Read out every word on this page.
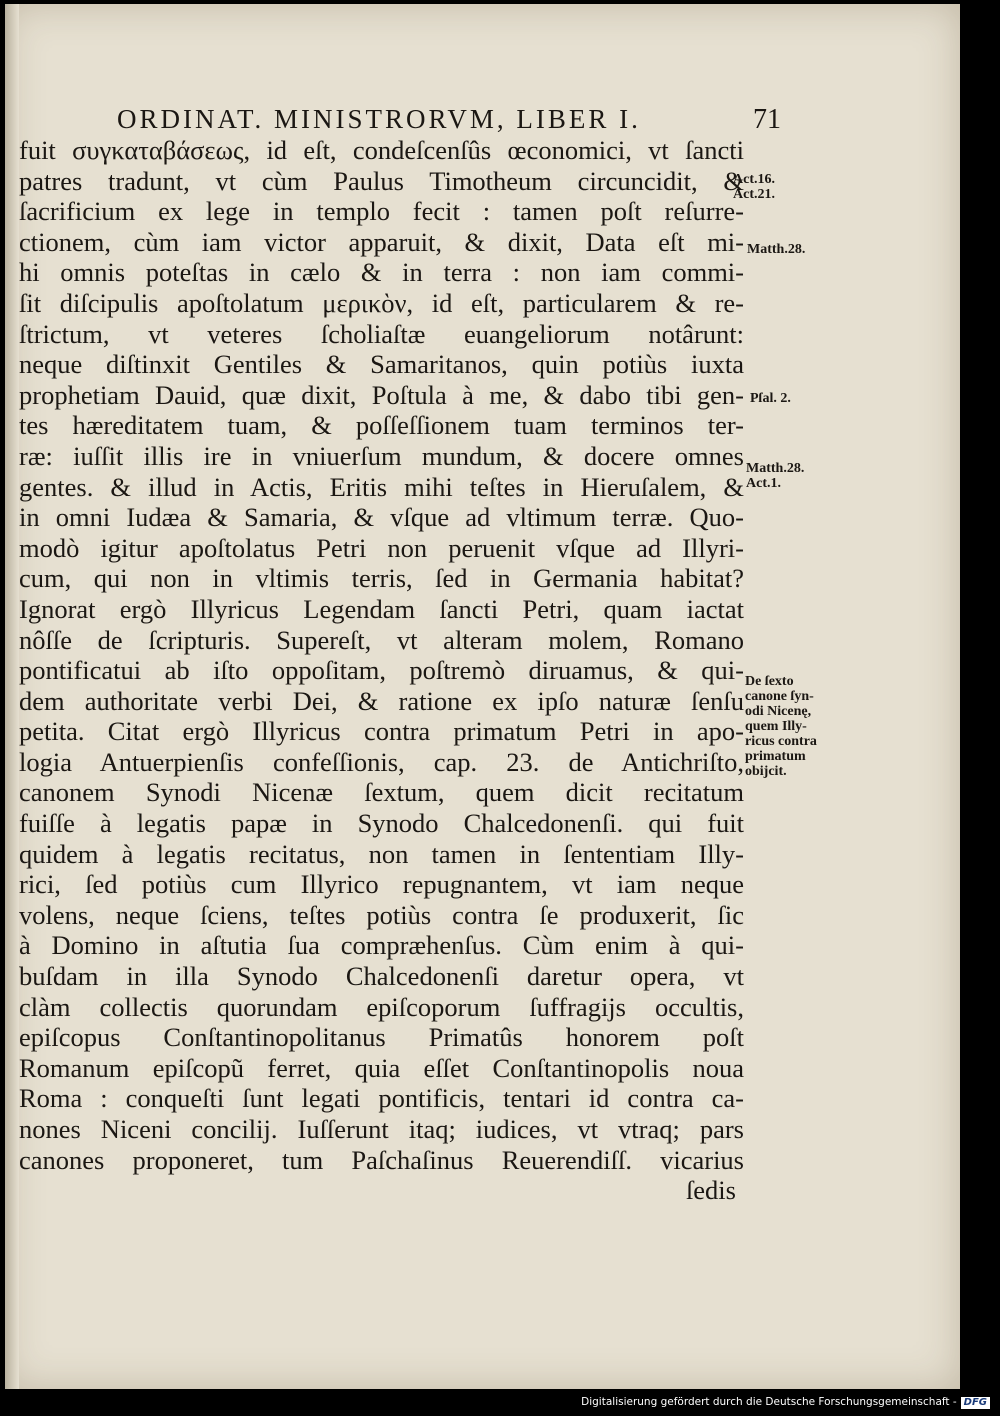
ORDINAT. MINISTRORVM, LIBER I.	71
fuit συγκαταβάσεως, id eſt, condeſcenſûs œconomici, vt ſancti
patres tradunt, vt cùm Paulus Timotheum circuncidit, &
ſacrificium ex lege in templo fecit : tamen poſt reſurre-
ctionem, cùm iam victor apparuit, & dixit, Data eſt mi-
hi omnis poteſtas in cælo & in terra : non iam commi-
ſit diſcipulis apoſtolatum μερικὸν, id eſt, particularem & re-
ſtrictum, vt veteres ſcholiaſtæ euangeliorum notârunt:
neque diſtinxit Gentiles & Samaritanos, quin potiùs iuxta
prophetiam Dauid, quæ dixit, Poſtula à me, & dabo tibi gen-
tes hæreditatem tuam, & poſſeſſionem tuam terminos ter-
ræ: iuſſit illis ire in vniuerſum mundum, & docere omnes
gentes. & illud in Actis, Eritis mihi teſtes in Hieruſalem, &
in omni Iudæa & Samaria, & vſque ad vltimum terræ. Quo-
modò igitur apoſtolatus Petri non peruenit vſque ad Illyri-
cum, qui non in vltimis terris, ſed in Germania habitat?
Ignorat ergò Illyricus Legendam ſancti Petri, quam iactat
nôſſe de ſcripturis. Supereſt, vt alteram molem, Romano
pontificatui ab iſto oppoſitam, poſtremò diruamus, & qui-
dem authoritate verbi Dei, & ratione ex ipſo naturæ ſenſu
petita. Citat ergò Illyricus contra primatum Petri in apo-
logia Antuerpienſis confeſſionis, cap. 23. de Antichriſto,
canonem Synodi Nicenæ ſextum, quem dicit recitatum
fuiſſe à legatis papæ in Synodo Chalcedonenſi. qui fuit
quidem à legatis recitatus, non tamen in ſententiam Illy-
rici, ſed potiùs cum Illyrico repugnantem, vt iam neque
volens, neque ſciens, teſtes potiùs contra ſe produxerit, ſic
à Domino in aſtutia ſua compræhenſus. Cùm enim à qui-
buſdam in illa Synodo Chalcedonenſi daretur opera, vt
clàm collectis quorundam epiſcoporum ſuffragijs occultis,
epiſcopus Conſtantinopolitanus Primatûs honorem poſt
Romanum epiſcopũ ferret, quia eſſet Conſtantinopolis noua
Roma : conqueſti ſunt legati pontificis, tentari id contra ca-
nones Niceni concilij. Iuſſerunt itaq; iudices, vt vtraq; pars
canones proponeret, tum Paſchaſinus Reuerendiſſ. vicarius
ſedis
Act.16.
Act.21.
Matth.28.
Pſal. 2.
Matth.28.
Act.1.
De ſexto
canone ſyn-
odi Nicenę,
quem Illy-
ricus contra
primatum
obijcit.
Digitalisierung gefördert durch die Deutsche Forschungsgemeinschaft - DFG
